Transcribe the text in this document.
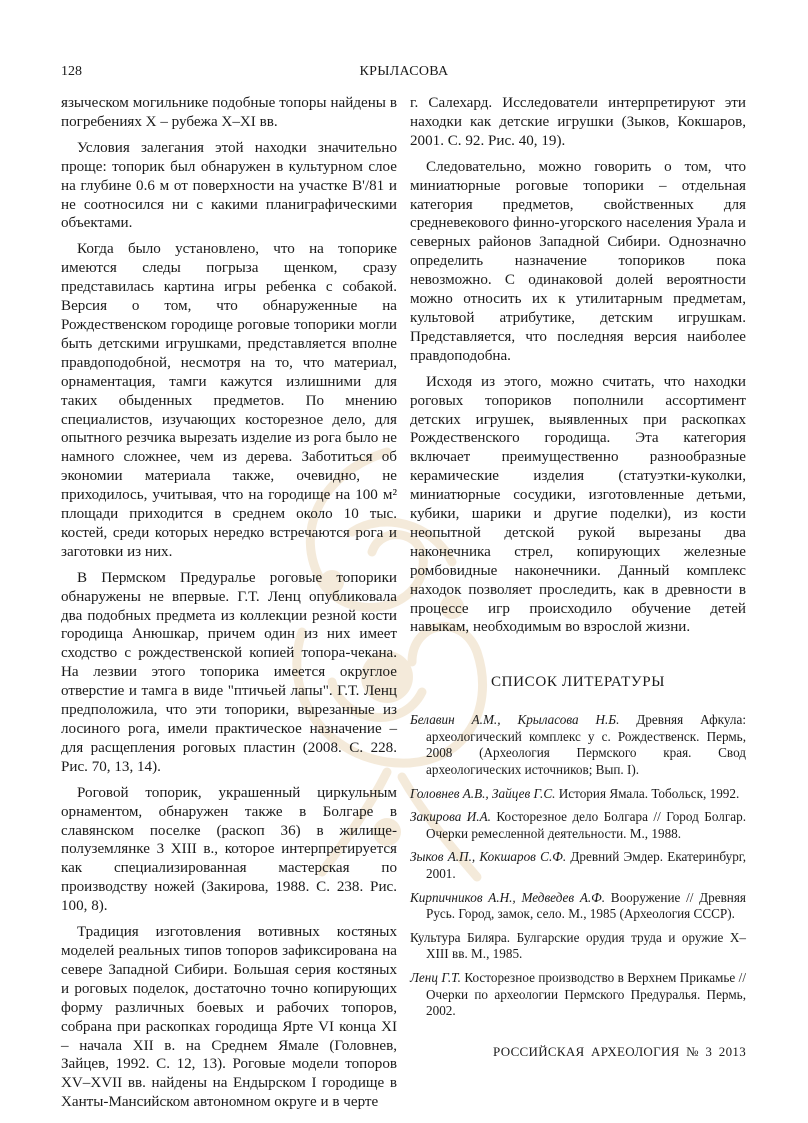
128	КРЫЛАСОВА

языческом могильнике подобные топоры найдены в погребениях X – рубежа X–XI вв.

Условия залегания этой находки значительно проще: топорик был обнаружен в культурном слое на глубине 0.6 м от поверхности на участке В'/81 и не соотносился ни с какими планиграфическими объектами.

Когда было установлено, что на топорике имеются следы погрызa щенком, сразу представилась картина игры ребенка с собакой. Версия о том, что обнаруженные на Рождественском городище роговые топорики могли быть детскими игрушками, представляется вполне правдоподобной, несмотря на то, что материал, орнаментация, тамги кажутся излишними для таких обыденных предметов. По мнению специалистов, изучающих косторезное дело, для опытного резчика вырезать изделие из рога было не намного сложнее, чем из дерева. Заботиться об экономии материала также, очевидно, не приходилось, учитывая, что на городище на 100 м² площади приходится в среднем около 10 тыс. костей, среди которых нередко встречаются рога и заготовки из них.

В Пермском Предуралье роговые топорики обнаружены не впервые. Г.Т. Ленц опубликовала два подобных предмета из коллекции резной кости городища Анюшкар, причем один из них имеет сходство с рождественской копией топора-чекана. На лезвии этого топорика имеется округлое отверстие и тамга в виде "птичьей лапы". Г.Т. Ленц предположила, что эти топорики, вырезанные из лосиного рога, имели практическое назначение – для расщепления роговых пластин (2008. С. 228. Рис. 70, 13, 14).

Роговой топорик, украшенный циркульным орнаментом, обнаружен также в Болгаре в славянском поселке (раскоп 36) в жилище-полуземлянке 3 XIII в., которое интерпретируется как специализированная мастерская по производству ножей (Закирова, 1988. С. 238. Рис. 100, 8).

Традиция изготовления вотивных костяных моделей реальных типов топоров зафиксирована на севере Западной Сибири. Большая серия костяных и роговых поделок, достаточно точно копирующих форму различных боевых и рабочих топоров, собрана при раскопках городища Ярте VI конца XI – начала XII в. на Среднем Ямале (Головнев, Зайцев, 1992. С. 12, 13). Роговые модели топоров XV–XVII вв. найдены на Ендырском I городище в Ханты-Мансийском автономном округе и в черте

г. Салехард. Исследователи интерпретируют эти находки как детские игрушки (Зыков, Кокшаров, 2001. С. 92. Рис. 40, 19).

Следовательно, можно говорить о том, что миниатюрные роговые топорики – отдельная категория предметов, свойственных для средневекового финно-угорского населения Урала и северных районов Западной Сибири. Однозначно определить назначение топориков пока невозможно. С одинаковой долей вероятности можно относить их к утилитарным предметам, культовой атрибутике, детским игрушкам. Представляется, что последняя версия наиболее правдоподобна.

Исходя из этого, можно считать, что находки роговых топориков пополнили ассортимент детских игрушек, выявленных при раскопках Рождественского городища. Эта категория включает преимущественно разнообразные керамические изделия (статуэтки-куколки, миниатюрные сосудики, изготовленные детьми, кубики, шарики и другие поделки), из кости неопытной детской рукой вырезаны два наконечника стрел, копирующих железные ромбовидные наконечники. Данный комплекс находок позволяет проследить, как в древности в процессе игр происходило обучение детей навыкам, необходимым во взрослой жизни.

СПИСОК ЛИТЕРАТУРЫ
Белавин А.М., Крыласова Н.Б. Древняя Афкула: археологический комплекс у с. Рождественск. Пермь, 2008 (Археология Пермского края. Свод археологических источников; Вып. I).
Головнев А.В., Зайцев Г.С. История Ямала. Тобольск, 1992.
Закирова И.А. Косторезное дело Болгара // Город Болгар. Очерки ремесленной деятельности. М., 1988.
Зыков А.П., Кокшаров С.Ф. Древний Эмдер. Екатеринбург, 2001.
Кирпичников А.Н., Медведев А.Ф. Вооружение // Древняя Русь. Город, замок, село. М., 1985 (Археология СССР).
Культура Биляра. Булгарские орудия труда и оружие X–XIII вв. М., 1985.
Ленц Г.Т. Косторезное производство в Верхнем Прикамье // Очерки по археологии Пермского Предуралья. Пермь, 2002.
РОССИЙСКАЯ АРХЕОЛОГИЯ № 3 2013
